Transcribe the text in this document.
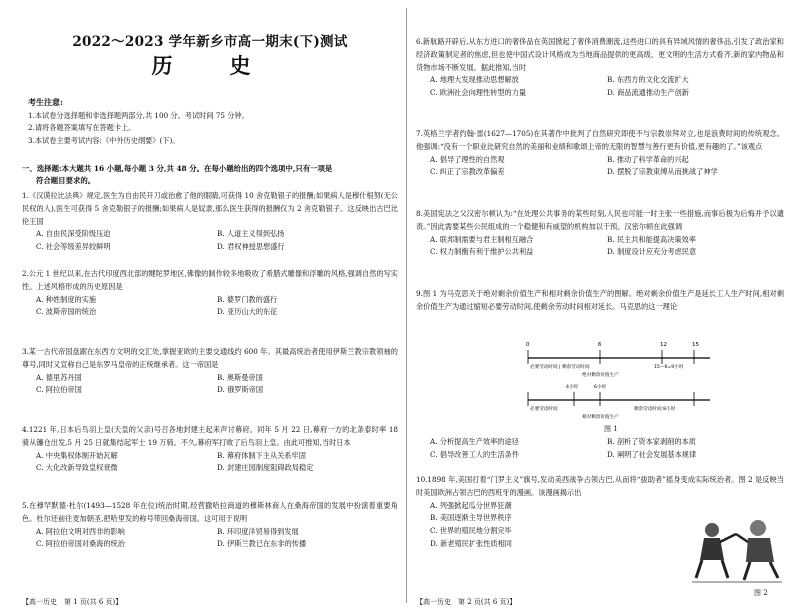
2022～2023 学年新乡市高一期末(下)测试
历　史
考生注意:
1.本试卷分选择题和非选择题两部分,共 100 分。考试时间 75 分钟。
2.请将各题答案填写在答题卡上。
3.本试卷主要考试内容:《中外历史纲要》(下)。
一、选择题:本大题共 16 小题,每小题 3 分,共 48 分。在每小题给出的四个选项中,只有一项是
符合题目要求的。
1.《汉谟拉比法典》规定,医生为自由民开刀或治愈了他的眼睛,可获得 10 舍克勒银子的报酬;如果病人是穆什根努(无公民权的人),医生可获得 5 舍克勒银子的报酬;如果病人是奴隶,那么医生获得的报酬仅为 2 舍克勒银子。这反映出古巴比伦王国
A. 自由民深受阶级压迫	B. 人道主义得到弘扬
C. 社会等级差异较鲜明	D. 君权神授思想盛行
2.公元 1 世纪以来,在古代印度西北部的犍陀罗地区,佛像的制作较多地吸收了希腊式雕像和浮雕的风格,强调自然的写实性。上述风格形成的历史原因是
A. 种姓制度的实施	B. 婆罗门教的盛行
C. 波斯帝国的统治	D. 亚历山大的东征
3.某一古代帝国盘踞在东西方文明的交汇处,掌握亚欧的主要交通线约 600 年。其最高统治者使用伊斯兰教宗教领袖的尊号,同时又宣称自己是东罗马皇帝的正统继承者。这一帝国是
A. 德里苏丹国	B. 奥斯曼帝国
C. 阿拉伯帝国	D. 俄罗斯帝国
4.1221 年,日本后鸟羽上皇(天皇的父亲)号召各地封建主起来声讨幕府。同年 5 月 22 日,幕府一方的北条泰时率 18 骑从镰仓出发,5 月 25 日就集结起军士 19 万骑。不久,幕府军打败了后鸟羽上皇。由此可推知,当时日本
A. 中央集权体制开始瓦解	B. 幕府体制下主从关系牢固
C. 大化改新导致皇权衰微	D. 封建庄园制度阻碍政局稳定
5.在穆罕默德·杜尔(1493—1528 年在位)统治时期,经营撒哈拉商道的穆斯林商人在桑海帝国的发展中扮演着重要角色。杜尔还前往麦加朝圣,把哈里发的称号带回桑海帝国。这可用于说明
A. 阿拉伯文明对西非的影响	B. 环印度洋贸易得到发展
C. 阿拉伯帝国对桑海的统治	D. 伊斯兰教已在东非的传播
【高一历史　第 1 页(共 6 页)】
6.新航路开辟后,从东方进口的奢侈品在英国掀起了奢侈消费潮流,这些进口的具有异域风情的奢侈品,引发了政治家和经济政策制定者的焦虑,但也使中国式设计风格成为当地商品提供的更高级、更文明的生活方式看齐,新的家内物品和货物市场不断发展。据此推知,当时
A. 地理大发现推动思想解放	B. 东西方的文化交流扩大
C. 欧洲社会向理性转型的力量	D. 商品流通推动生产创新
7.英格兰学者约翰·雷(1627—1705)在其著作中批判了自然研究即使不与宗教崇拜对立,也是浪费时间的传统观念。他强调:“没有一个职业比研究自然的美丽和业绩和歌颂上帝的无限的智慧与善行更有价值,更有趣的了。”该观点
A. 倡导了理性的自然观	B. 推动了科学革命的兴起
C. 纠正了宗教改革偏差	D. 摆脱了宗教束缚从而挑战了神学
8.美国宪法之父汉密尔顿认为:“在处理公共事务的某些时刻,人民也可能一时主张一些措施,而事后极为后悔并予以谴责。”因此需要某些公民组成的一个稳健和有威望的机构加以干预。汉密尔顿在此强调
A. 联邦制需要与君主制相互融合	B. 民主共和能提高决策效率
C. 权力制衡有利于维护公共利益	D. 制度设计应充分考虑民意
9.图 1 为马克思关于绝对剩余价值生产和相对剩余价值生产的图解。绝对剩余价值生产是延长工人生产时间,相对剩余价值生产为通过缩短必要劳动时间,使剩余劳动时间相对延长。马克思的这一理论
0	6	12	15
必要劳动时间 | 剩余劳动时间	15—6=9小时
绝对剩余价值生产
4小时	6小时
必要劳动时间	剩余劳动时间:8小时
相对剩余价值生产
图 1
A. 分析提高生产效率的途径	B. 剖析了资本家剥削的本质
C. 倡导改善工人的生活条件	D. 阐明了社会发展基本规律
10.1898 年,美国打着“门罗主义”旗号,发动美西战争占领古巴,从而将“拔助者”摇身变成实际统治者。图 2 是反映当时美国欧洲占领古巴的西班牙的漫画。该漫画揭示出
A. 列强掀起瓜分世界狂潮
B. 美国逐渐主导世界秩序
C. 世界的殖民地分割完毕
D. 新老殖民扩张性质相同
图 2
【高一历史　第 2 页(共 6 页)】
